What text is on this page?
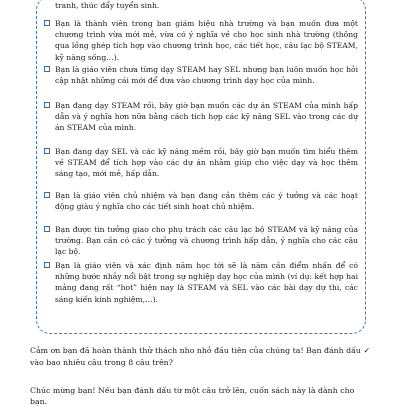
tranh, thúc đẩy tuyển sinh.
Bạn là thành viên trong ban giám hiệu nhà trường và bạn muốn đưa một chương trình vừa mới mẻ, vừa có ý nghĩa về cho học sinh nhà trường (thông qua lồng ghép tích hợp vào chương trình học, các tiết học, câu lạc bộ STEAM, kỹ năng sống…).
Bạn là giáo viên chưa từng dạy STEAM hay SEL nhưng bạn luôn muốn học hỏi cập nhật những cái mới để đưa vào chương trình dạy học của mình.
Bạn đang dạy STEAM rồi, bây giờ bạn muốn các dự án STEAM của mình hấp dẫn và ý nghĩa hơn nữa bằng cách tích hợp các kỹ năng SEL vào trong các dự án STEAM của mình.
Bạn đang dạy SEL và các kỹ năng mềm rồi, bây giờ bạn muốn tìm hiểu thêm về STEAM để tích hợp vào các dự án nhằm giúp cho việc dạy và học thêm sáng tạo, mới mẻ, hấp dẫn.
Bạn là giáo viên chủ nhiệm và bạn đang cần thêm các ý tưởng và các hoạt động giàu ý nghĩa cho các tiết sinh hoạt chủ nhiệm.
Bạn được tin tưởng giao cho phụ trách các câu lạc bộ STEAM và kỹ năng của trường. Bạn cần có các ý tưởng và chương trình hấp dẫn, ý nghĩa cho các câu lạc bộ.
Bạn là giáo viên và xác định năm học tới sẽ là năm cần điểm nhấn để có những bước nhảy nổi bật trong sự nghiệp dạy học của mình (ví dụ: kết hợp hai mảng đang rất “hot” hiện nay là STEAM và SEL vào các bài dạy dự thi, các sáng kiến kinh nghiệm,…).
Cảm ơn bạn đã hoàn thành thử thách nho nhỏ đầu tiên của chúng ta! Bạn đánh dấu ✓ vào bao nhiêu câu trong 8 câu trên?
Chúc mừng bạn! Nếu bạn đánh dấu từ một câu trở lên, cuốn sách này là dành cho bạn.
